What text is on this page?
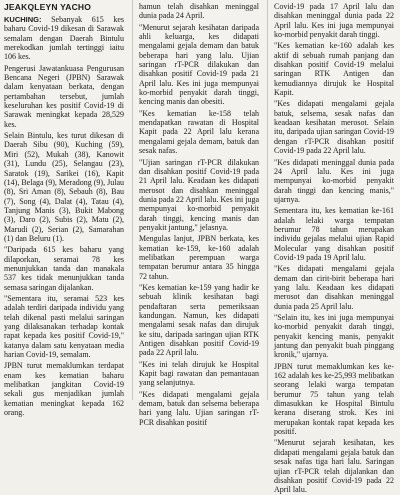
JEAKQLEYN YACHO

KUCHING: Sebanyak 615 kes baharu Covid-19 dikesan di Sarawak semalam dengan Daerah Bintulu merekodkan jumlah tertinggi iaitu 106 kes.

Pengerusi Jawatankuasa Pengurusan Bencana Negeri (JPBN) Sarawak dalam kenyataan berkata, dengan pertambahan tersebut, jumlah keseluruhan kes positif Covid-19 di Sarawak meningkat kepada 28,529 kes.

Selain Bintulu, kes turut dikesan di Daerah Sibu (90), Kuching (59), Miri (52), Mukah (38), Kanowit (31), Lundu (25), Selangau (23), Saratok (19), Sarikei (16), Kapit (14), Belaga (9), Meradong (9), Julau (8), Sri Aman (8), Sebauh (8), Bau (7), Song (4), Dalat (4), Tatau (4), Tanjung Manis (3), Bukit Mabong (3), Daro (2), Subis (2), Matu (2), Marudi (2), Serian (2), Samarahan (1) dan Beluru (1).

"Daripada 615 kes baharu yang dilaporkan, seramai 78 kes menunjukkan tanda dan manakala 537 kes tidak menunjukkan tanda semasa saringan dijalankan.

"Sementara itu, seramai 523 kes adalah terdiri daripada individu yang telah dikenal pasti melalui saringan yang dilaksanakan terhadap kontak rapat kepada kes positif Covid-19," katanya dalam satu kenyataan media harian Covid-19, semalam.

JPBN turut memaklumkan terdapat enam kes kematian baharu melibatkan jangkitan Covid-19 sekali gus menjadikan jumlah kematian meningkat kepada 162 orang.

hamun telah disahkan meninggal dunia pada 24 April.

"Menurut sejarah kesihatan daripada ahli keluarga, kes didapati mengalami gejala demam dan batuk beberapa hari yang lalu. Ujian saringan rT-PCR dilakukan dan disahkan positif Covid-19 pada 21 April lalu. Kes ini juga mempunyai ko-morbid penyakit darah tinggi, kencing manis dan obesiti.

"Kes kematian ke-158 telah mendapatkan rawatan di Hospital Kapit pada 22 April lalu kerana mengalami gejala demam, batuk dan sesak nafas.

"Ujian saringan rT-PCR dilakukan dan disahkan positif Covid-19 pada 21 April lalu. Keadaan kes didapati merosot dan disahkan meninggal dunia pada 22 April lalu. Kes ini juga mempunyai ko-morbid penyakit darah tinggi, kencing manis dan penyakit jantung," jelasnya.

Mengulas lanjut, JPBN berkata, kes kematian ke-159, ke-160 adalah melibatkan perempuan warga tempatan berumur antara 35 hingga 72 tahun.

"Kes kematian ke-159 yang hadir ke sebuah klinik kesihatan bagi pendaftaran serta pemeriksaan kandungan. Namun, kes didapati mengalami sesak nafas dan dirujuk ke situ, daripada saringan ujian RTK Antigen disahkan positif Covid-19 pada 22 April lalu.

"Kes ini telah dirujuk ke Hospital Kapit bagi rawatan dan pemantauan yang selanjutnya.

"Kes didapati mengalami gejala demam, batuk dan selsema beberapa hari yang lalu. Ujian saringan rT-PCR disahkan positif

Covid-19 pada 17 April lalu dan disahkan meninggal dunia pada 22 April lalu. Kes ini juga mempunyai ko-morbid penyakit darah tinggi.

"Kes kematian ke-160 adalah kes aktif di sebuah rumah panjang dan disahkan positif Covid-19 melalui saringan RTK Antigen dan kemudiannya dirujuk ke Hospital Kapit.

"Kes didapati mengalami gejala batuk, selsema, sesak nafas dan keadaan kesihatan merosot. Selain itu, daripada ujian saringan Covid-19 dengan rT-PCR disahkan positif Covid-19 pada 22 April lalu.

"Kes didapati meninggal dunia pada 24 April lalu. Kes ini juga mempunyai ko-morbid penyakit darah tinggi dan kencing manis," ujarnya.

Sementara itu, kes kematian ke-161 adalah lelaki warga tempatan berumur 78 tahun merupakan individu gejalas melalui ujian Rapid Molecular yang disahkan positif Covid-19 pada 19 April lalu.

"Kes didapati mengalami gejala demam dan cirit-birit beberapa hari yang lalu. Keadaan kes didapati merosot dan disahkan meninggal dunia pada 25 April lalu.

"Selain itu, kes ini juga mempunyai ko-morbid penyakit darah tinggi, penyakit kencing manis, penyakit jantung dan penyakit buah pinggang kronik," ujarnya.

JPBN turut memaklumkan kes ke-162 adalah kes ke-25,993 melibatkan seorang lelaki warga tempatan berumur 75 tahun yang telah dimasukkan ke Hospital Bintulu kerana diserang strok. Kes ini merupakan kontak rapat kepada kes positif.

"Menurut sejarah kesihatan, kes didapati mengalami gejala batuk dan sesak nafas tiga hari lalu. Saringan ujian rT-PCR telah dijalankan dan disahkan positif Covid-19 pada 22 April lalu.
